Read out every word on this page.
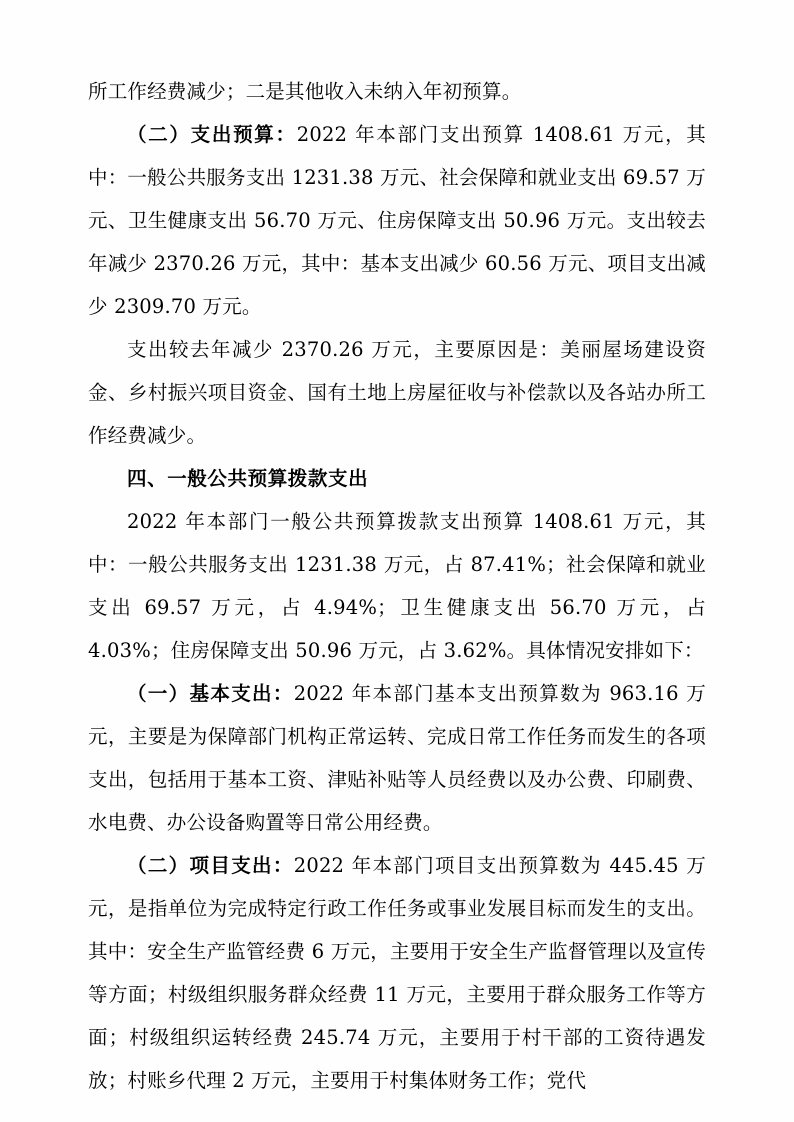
所工作经费减少；二是其他收入未纳入年初预算。

（二）支出预算：2022 年本部门支出预算 1408.61 万元，其中：一般公共服务支出 1231.38 万元、社会保障和就业支出 69.57 万元、卫生健康支出 56.70 万元、住房保障支出 50.96 万元。支出较去年减少 2370.26 万元，其中：基本支出减少 60.56 万元、项目支出减少 2309.70 万元。

支出较去年减少 2370.26 万元，主要原因是：美丽屋场建设资金、乡村振兴项目资金、国有土地上房屋征收与补偿款以及各站办所工作经费减少。

四、一般公共预算拨款支出

2022 年本部门一般公共预算拨款支出预算 1408.61 万元，其中：一般公共服务支出 1231.38 万元，占 87.41%；社会保障和就业支出 69.57 万元，占 4.94%；卫生健康支出 56.70 万元，占 4.03%；住房保障支出 50.96 万元，占 3.62%。具体情况安排如下：

（一）基本支出：2022 年本部门基本支出预算数为 963.16 万元，主要是为保障部门机构正常运转、完成日常工作任务而发生的各项支出，包括用于基本工资、津贴补贴等人员经费以及办公费、印刷费、水电费、办公设备购置等日常公用经费。

（二）项目支出：2022 年本部门项目支出预算数为 445.45 万元，是指单位为完成特定行政工作任务或事业发展目标而发生的支出。其中：安全生产监管经费 6 万元，主要用于安全生产监督管理以及宣传等方面；村级组织服务群众经费 11 万元，主要用于群众服务工作等方面；村级组织运转经费 245.74 万元，主要用于村干部的工资待遇发放；村账乡代理 2 万元，主要用于村集体财务工作；党代
